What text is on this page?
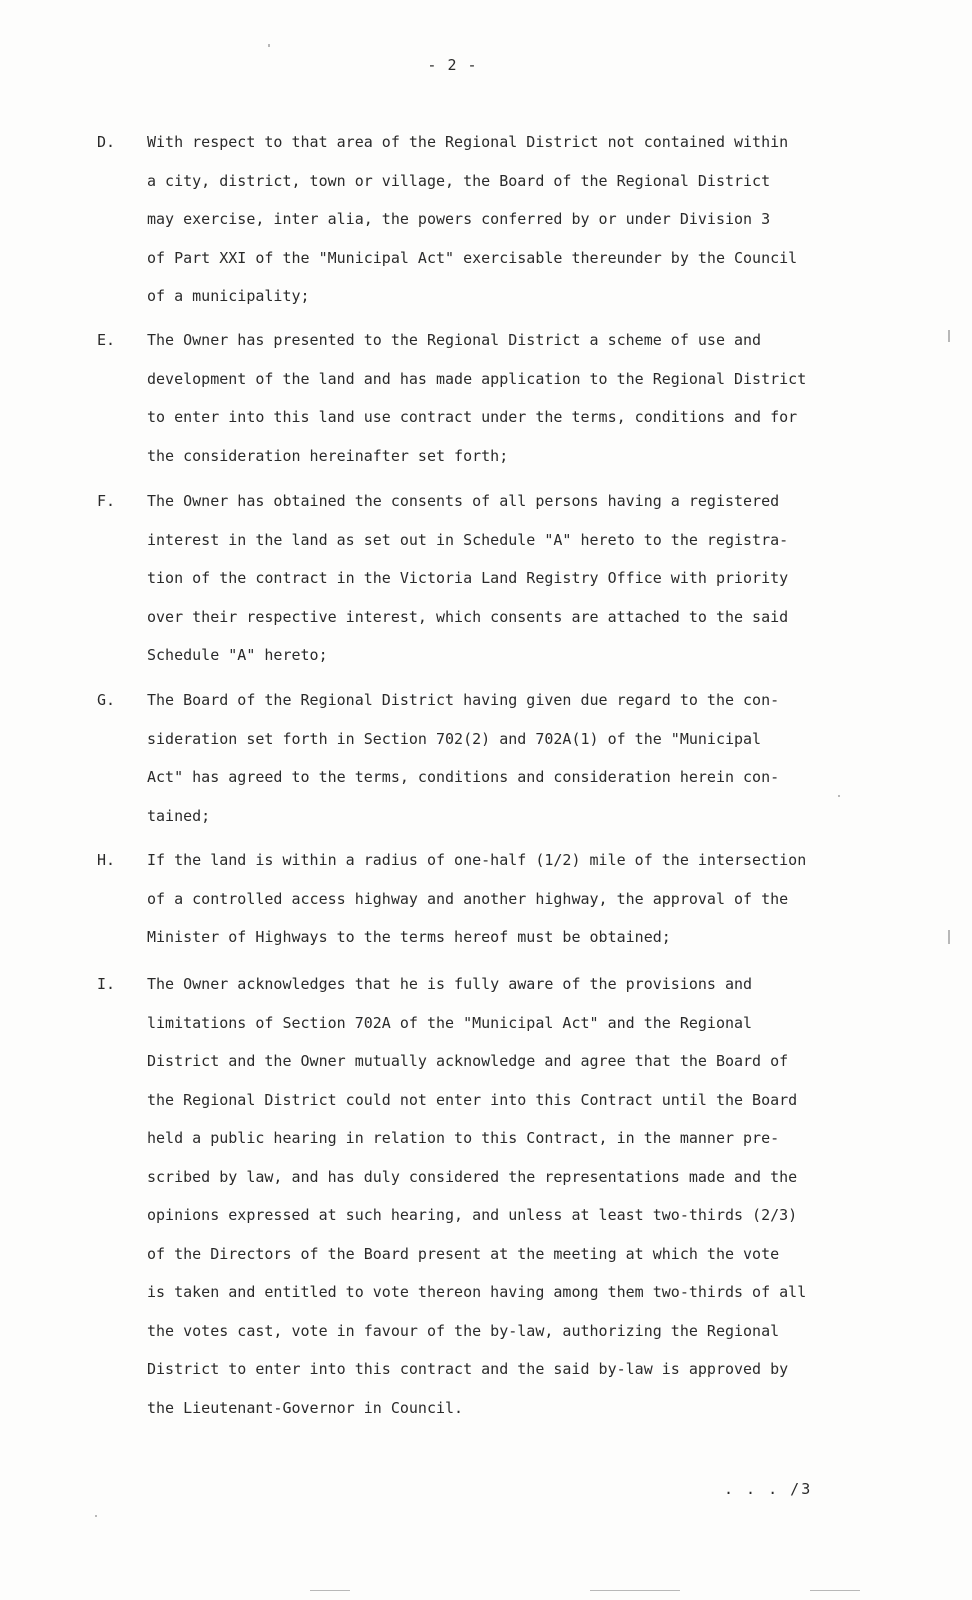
- 2 -
D. With respect to that area of the Regional District not contained within
a city, district, town or village, the Board of the Regional District
may exercise, inter alia, the powers conferred by or under Division 3
of Part XXI of the "Municipal Act" exercisable thereunder by the Council
of a municipality;
E. The Owner has presented to the Regional District a scheme of use and
development of the land and has made application to the Regional District
to enter into this land use contract under the terms, conditions and for
the consideration hereinafter set forth;
F. The Owner has obtained the consents of all persons having a registered
interest in the land as set out in Schedule "A" hereto to the registra-
tion of the contract in the Victoria Land Registry Office with priority
over their respective interest, which consents are attached to the said
Schedule "A" hereto;
G. The Board of the Regional District having given due regard to the con-
sideration set forth in Section 702(2) and 702A(1) of the "Municipal
Act" has agreed to the terms, conditions and consideration herein con-
tained;
H. If the land is within a radius of one-half (1/2) mile of the intersection
of a controlled access highway and another highway, the approval of the
Minister of Highways to the terms hereof must be obtained;
I. The Owner acknowledges that he is fully aware of the provisions and
limitations of Section 702A of the "Municipal Act" and the Regional
District and the Owner mutually acknowledge and agree that the Board of
the Regional District could not enter into this Contract until the Board
held a public hearing in relation to this Contract, in the manner pre-
scribed by law, and has duly considered the representations made and the
opinions expressed at such hearing, and unless at least two-thirds (2/3)
of the Directors of the Board present at the meeting at which the vote
is taken and entitled to vote thereon having among them two-thirds of all
the votes cast, vote in favour of the by-law, authorizing the Regional
District to enter into this contract and the said by-law is approved by
the Lieutenant-Governor in Council.
. . . /3
